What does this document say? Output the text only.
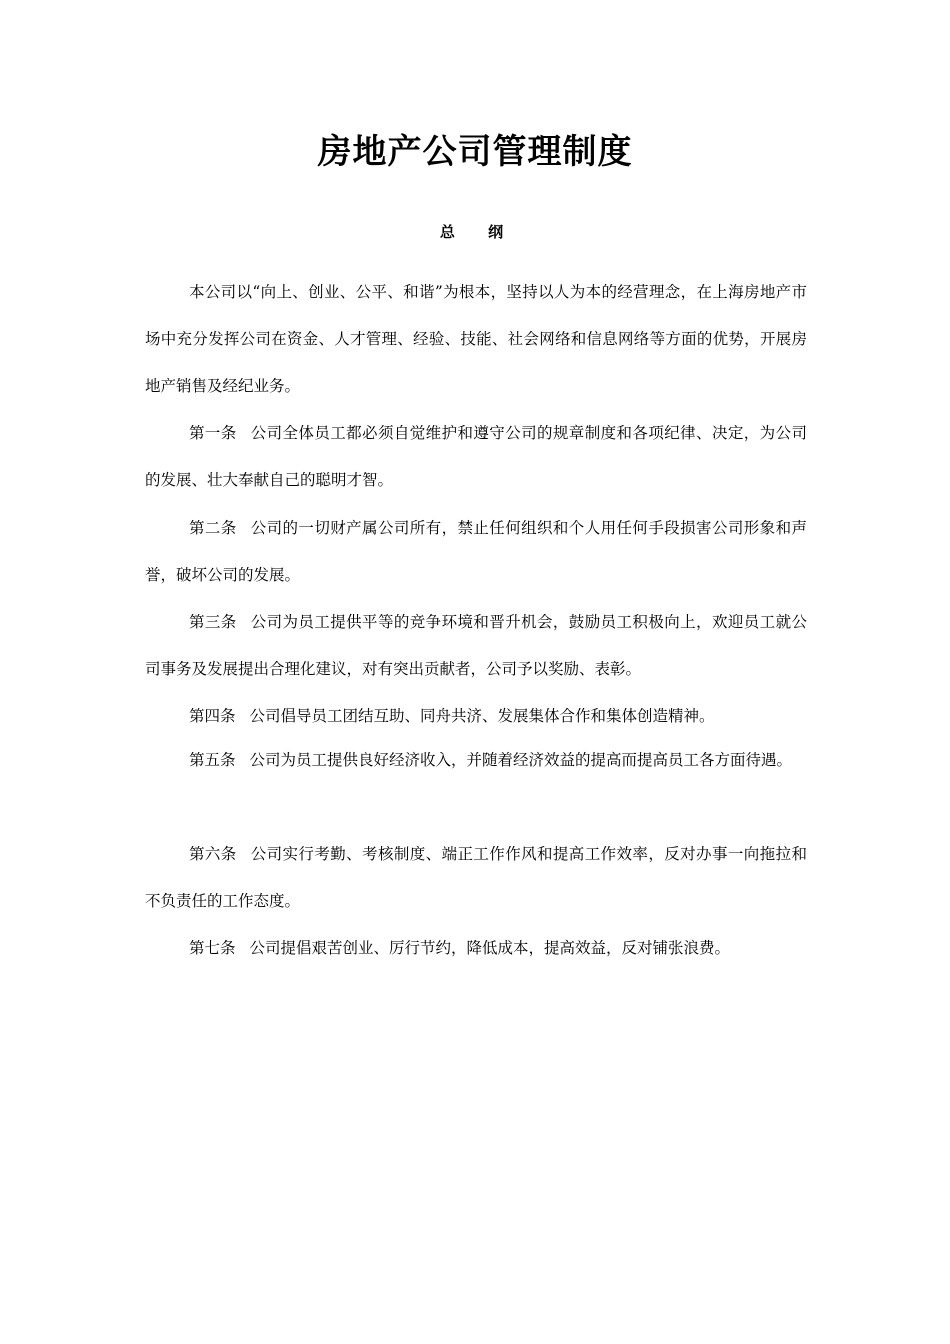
房地产公司管理制度
总 纲

本公司以“向上、创业、公平、和谐”为根本，坚持以人为本的经营理念，在上海房地产市场中充分发挥公司在资金、人才管理、经验、技能、社会网络和信息网络等方面的优势，开展房地产销售及经纪业务。

第一条 公司全体员工都必须自觉维护和遵守公司的规章制度和各项纪律、决定，为公司的发展、壮大奉献自己的聪明才智。

第二条 公司的一切财产属公司所有，禁止任何组织和个人用任何手段损害公司形象和声誉，破坏公司的发展。

第三条 公司为员工提供平等的竞争环境和晋升机会，鼓励员工积极向上，欢迎员工就公司事务及发展提出合理化建议，对有突出贡献者，公司予以奖励、表彰。

第四条 公司倡导员工团结互助、同舟共济、发展集体合作和集体创造精神。

第五条 公司为员工提供良好经济收入，并随着经济效益的提高而提高员工各方面待遇。

第六条 公司实行考勤、考核制度、端正工作作风和提高工作效率，反对办事一向拖拉和不负责任的工作态度。

第七条 公司提倡艰苦创业、厉行节约，降低成本，提高效益，反对铺张浪费。
